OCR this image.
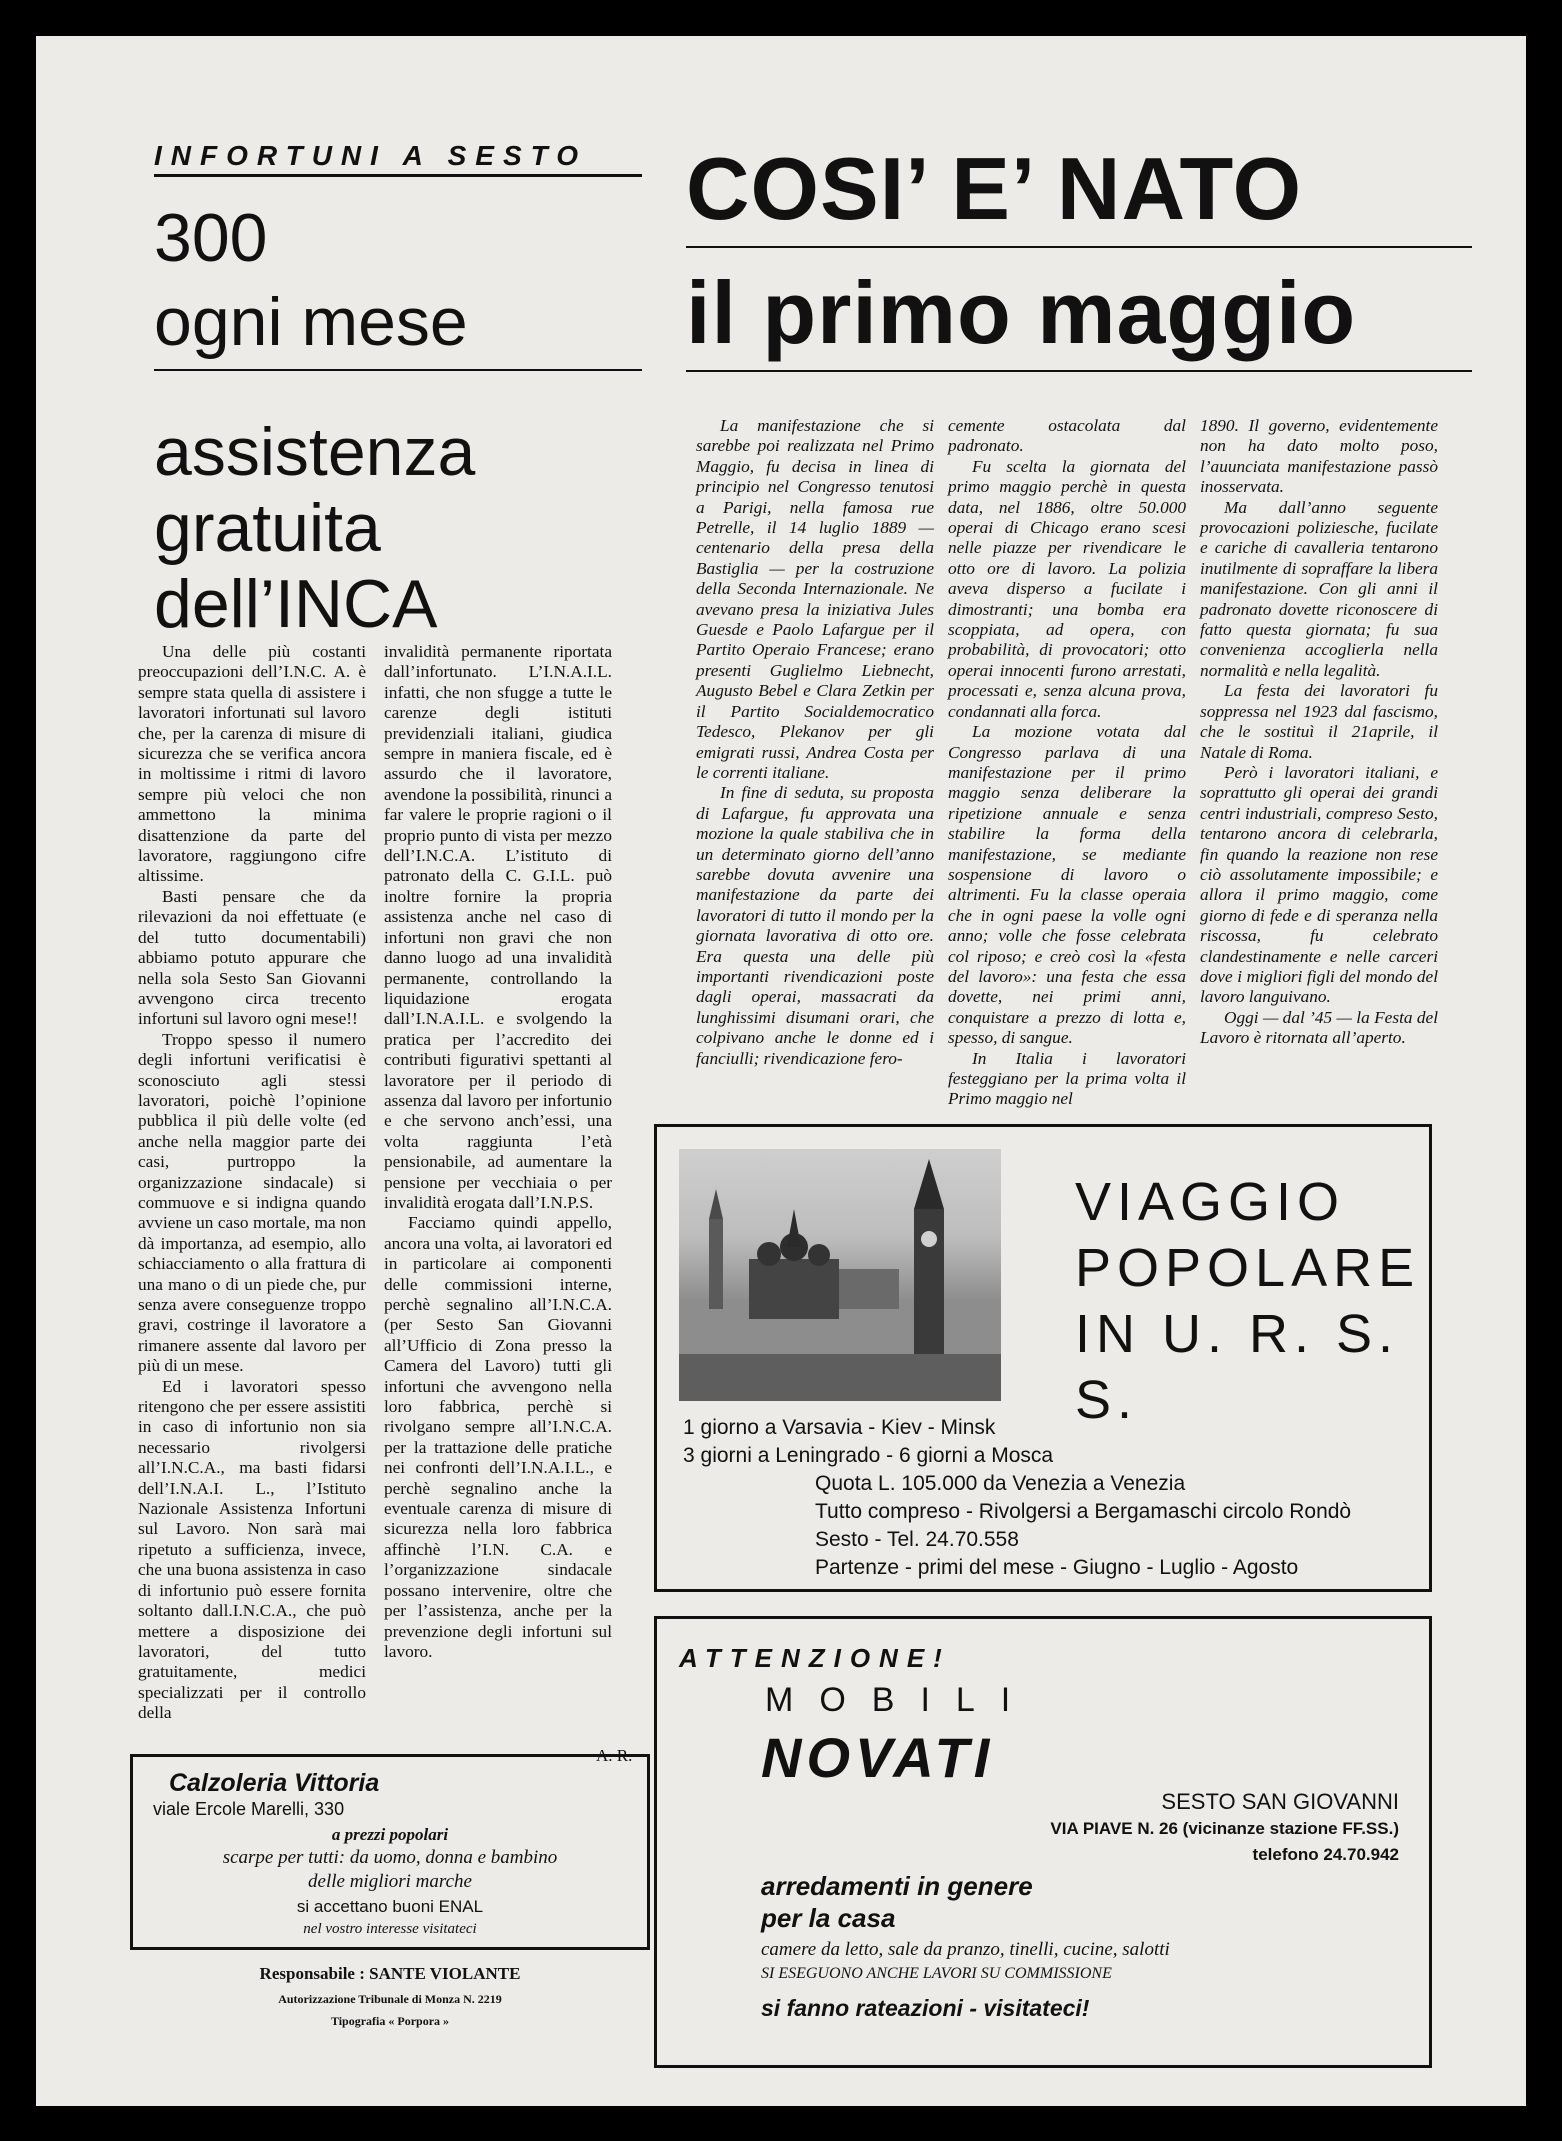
INFORTUNI A SESTO
300
ogni mese
assistenza
gratuita
dell’INCA

Una delle più costanti preoccupazioni dell’I.N.C. A. è sempre stata quella di assistere i lavoratori infortunati sul lavoro che, per la carenza di misure di sicurezza che se verifica ancora in moltissime i ritmi di lavoro sempre più veloci che non ammettono la minima disattenzione da parte del lavoratore, raggiungono cifre altissime.

Basti pensare che da rilevazioni da noi effettuate (e del tutto documentabili) abbiamo potuto appurare che nella sola Sesto San Giovanni avvengono circa trecento infortuni sul lavoro ogni mese!!

Troppo spesso il numero degli infortuni verificatisi è sconosciuto agli stessi lavoratori, poichè l’opinione pubblica il più delle volte (ed anche nella maggior parte dei casi, purtroppo la organizzazione sindacale) si commuove e si indigna quando avviene un caso mortale, ma non dà importanza, ad esempio, allo schiacciamento o alla frattura di una mano o di un piede che, pur senza avere conseguenze troppo gravi, costringe il lavoratore a rimanere assente dal lavoro per più di un mese.

Ed i lavoratori spesso ritengono che per essere assistiti in caso di infortunio non sia necessario rivolgersi all’I.N.C.A., ma basti fidarsi dell’I.N.A.I. L., l’Istituto Nazionale Assistenza Infortuni sul Lavoro. Non sarà mai ripetuto a sufficienza, invece, che una buona assistenza in caso di infortunio può essere fornita soltanto dall.I.N.C.A., che può mettere a disposizione dei lavoratori, del tutto gratuitamente, medici specializzati per il controllo della

invalidità permanente riportata dall’infortunato. L’I.N.A.I.L. infatti, che non sfugge a tutte le carenze degli istituti previdenziali italiani, giudica sempre in maniera fiscale, ed è assurdo che il lavoratore, avendone la possibilità, rinunci a far valere le proprie ragioni o il proprio punto di vista per mezzo dell’I.N.C.A. L’istituto di patronato della C. G.I.L. può inoltre fornire la propria assistenza anche nel caso di infortuni non gravi che non danno luogo ad una invalidità permanente, controllando la liquidazione erogata dall’I.N.A.I.L. e svolgendo la pratica per l’accredito dei contributi figurativi spettanti al lavoratore per il periodo di assenza dal lavoro per infortunio e che servono anch’essi, una volta raggiunta l’età pensionabile, ad aumentare la pensione per vecchiaia o per invalidità erogata dall’I.N.P.S.

Facciamo quindi appello, ancora una volta, ai lavoratori ed in particolare ai componenti delle commissioni interne, perchè segnalino all’I.N.C.A. (per Sesto San Giovanni all’Ufficio di Zona presso la Camera del Lavoro) tutti gli infortuni che avvengono nella loro fabbrica, perchè si rivolgano sempre all’I.N.C.A. per la trattazione delle pratiche nei confronti dell’I.N.A.I.L., e perchè segnalino anche la eventuale carenza di misure di sicurezza nella loro fabbrica affinchè l’I.N. C.A. e l’organizzazione sindacale possano intervenire, oltre che per l’assistenza, anche per la prevenzione degli infortuni sul lavoro.

A. R.
COSI’ E’ NATO
il primo maggio

La manifestazione che si sarebbe poi realizzata nel Primo Maggio, fu decisa in linea di principio nel Congresso tenutosi a Parigi, nella famosa rue Petrelle, il 14 luglio 1889 — centenario della presa della Bastiglia — per la costruzione della Seconda Internazionale. Ne avevano presa la iniziativa Jules Guesde e Paolo Lafargue per il Partito Operaio Francese; erano presenti Guglielmo Liebnecht, Augusto Bebel e Clara Zetkin per il Partito Socialdemocratico Tedesco, Plekanov per gli emigrati russi, Andrea Costa per le correnti italiane.

In fine di seduta, su proposta di Lafargue, fu approvata una mozione la quale stabiliva che in un determinato giorno dell’anno sarebbe dovuta avvenire una manifestazione da parte dei lavoratori di tutto il mondo per la giornata lavorativa di otto ore. Era questa una delle più importanti rivendicazioni poste dagli operai, massacrati da lunghissimi disumani orari, che colpivano anche le donne ed i fanciulli; rivendicazione fero-

cemente ostacolata dal padronato.

Fu scelta la giornata del primo maggio perchè in questa data, nel 1886, oltre 50.000 operai di Chicago erano scesi nelle piazze per rivendicare le otto ore di lavoro. La polizia aveva disperso a fucilate i dimostranti; una bomba era scoppiata, ad opera, con probabilità, di provocatori; otto operai innocenti furono arrestati, processati e, senza alcuna prova, condannati alla forca.

La mozione votata dal Congresso parlava di una manifestazione per il primo maggio senza deliberare la ripetizione annuale e senza stabilire la forma della manifestazione, se mediante sospensione di lavoro o altrimenti. Fu la classe operaia che in ogni paese la volle ogni anno; volle che fosse celebrata col riposo; e creò così la «festa del lavoro»: una festa che essa dovette, nei primi anni, conquistare a prezzo di lotta e, spesso, di sangue.

In Italia i lavoratori festeggiano per la prima volta il Primo maggio nel

1890. Il governo, evidentemente non ha dato molto poso, l’auunciata manifestazione passò inosservata.

Ma dall’anno seguente provocazioni poliziesche, fucilate e cariche di cavalleria tentarono inutilmente di sopraffare la libera manifestazione. Con gli anni il padronato dovette riconoscere di fatto questa giornata; fu sua convenienza accoglierla nella normalità e nella legalità.

La festa dei lavoratori fu soppressa nel 1923 dal fascismo, che le sostituì il 21aprile, il Natale di Roma.

Però i lavoratori italiani, e soprattutto gli operai dei grandi centri industriali, compreso Sesto, tentarono ancora di celebrarla, fin quando la reazione non rese ciò assolutamente impossibile; e allora il primo maggio, come giorno di fede e di speranza nella riscossa, fu celebrato clandestinamente e nelle carceri dove i migliori figli del mondo del lavoro languivano.

Oggi — dal ’45 — la Festa del Lavoro è ritornata all’aperto.

VIAGGIO
POPOLARE
IN U. R. S. S.
1 giorno a Varsavia - Kiev - Minsk
3 giorni a Leningrado - 6 giorni a Mosca
Quota L. 105.000 da Venezia a Venezia
Tutto compreso - Rivolgersi a Bergamaschi circolo Rondò
Sesto - Tel. 24.70.558
Partenze - primi del mese - Giugno - Luglio - Agosto
Calzoleria Vittoria
viale Ercole Marelli, 330
a prezzi popolari
scarpe per tutti: da uomo, donna e bambino
delle migliori marche
si accettano buoni ENAL
nel vostro interesse visitateci
Responsabile : SANTE VIOLANTE
Autorizzazione Tribunale di Monza N. 2219
Tipografia « Porpora »
ATTENZIONE!
MOBILI
NOVATI
SESTO SAN GIOVANNI
VIA PIAVE N. 26 (vicinanze stazione FF.SS.)
telefono 24.70.942
arredamenti in genere
per la casa
camere da letto, sale da pranzo, tinelli, cucine, salotti
SI ESEGUONO ANCHE LAVORI SU COMMISSIONE
si fanno rateazioni - visitateci!
